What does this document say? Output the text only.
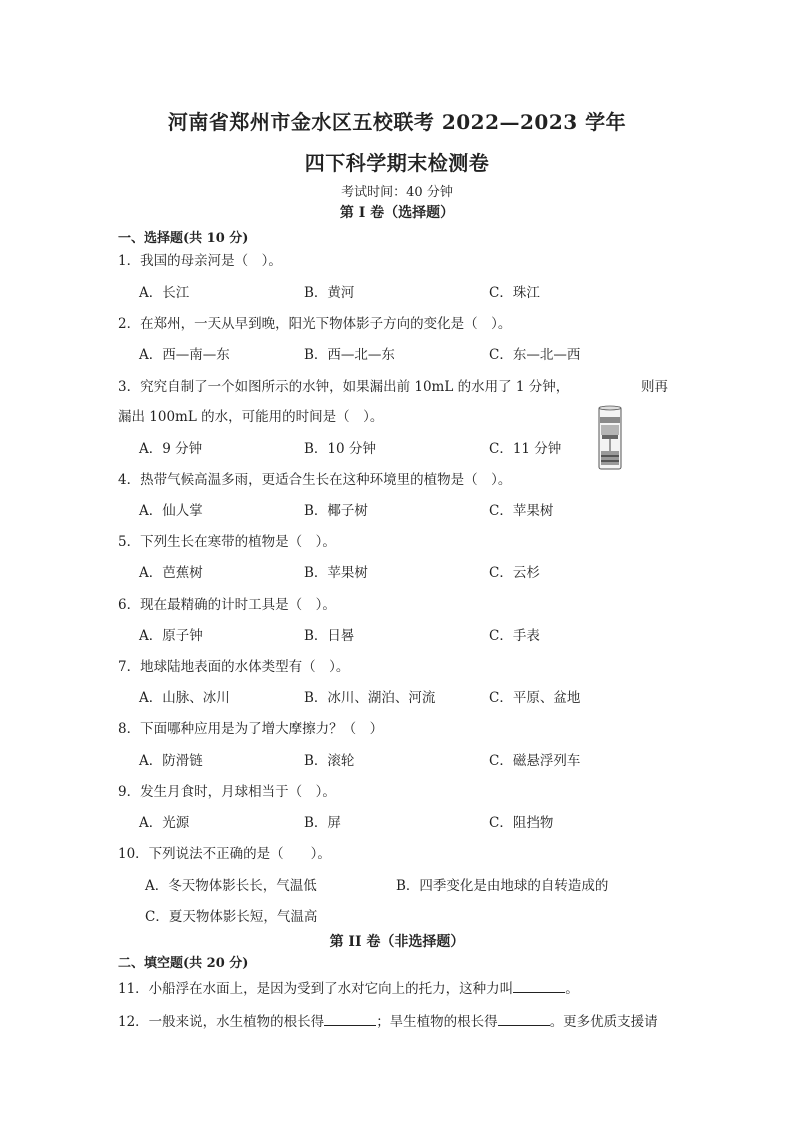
河南省郑州市金水区五校联考 2022—2023 学年
四下科学期末检测卷
考试时间：40 分钟
第 I 卷（选择题）
一、选择题(共 10 分)
1．我国的母亲河是（　）。
A．长江	B．黄河	C．珠江
2．在郑州，一天从早到晚，阳光下物体影子方向的变化是（　）。
A．西—南—东	B．西—北—东	C．东—北—西
3．究究自制了一个如图所示的水钟，如果漏出前 10mL 的水用了 1 分钟，	则再
漏出 100mL 的水，可能用的时间是（　）。
A．9 分钟	B．10 分钟	C．11 分钟
4．热带气候高温多雨，更适合生长在这种环境里的植物是（　）。
A．仙人掌	B．椰子树	C．苹果树
5．下列生长在寒带的植物是（　）。
A．芭蕉树	B．苹果树	C．云杉
6．现在最精确的计时工具是（　）。
A．原子钟	B．日晷	C．手表
7．地球陆地表面的水体类型有（　）。
A．山脉、冰川	B．冰川、湖泊、河流	C．平原、盆地
8．下面哪种应用是为了增大摩擦力？（　）
A．防滑链	B．滚轮	C．磁悬浮列车
9．发生月食时，月球相当于（　）。
A．光源	B．屏	C．阻挡物
10．下列说法不正确的是（　　）。
A．冬天物体影长长，气温低	B．四季变化是由地球的自转造成的
C．夏天物体影长短，气温高
第 II 卷（非选择题）
二、填空题(共 20 分)
11．小船浮在水面上，是因为受到了水对它向上的托力，这种力叫	。
12．一般来说，水生植物的根长得	；旱生植物的根长得	。更多优质支援请
